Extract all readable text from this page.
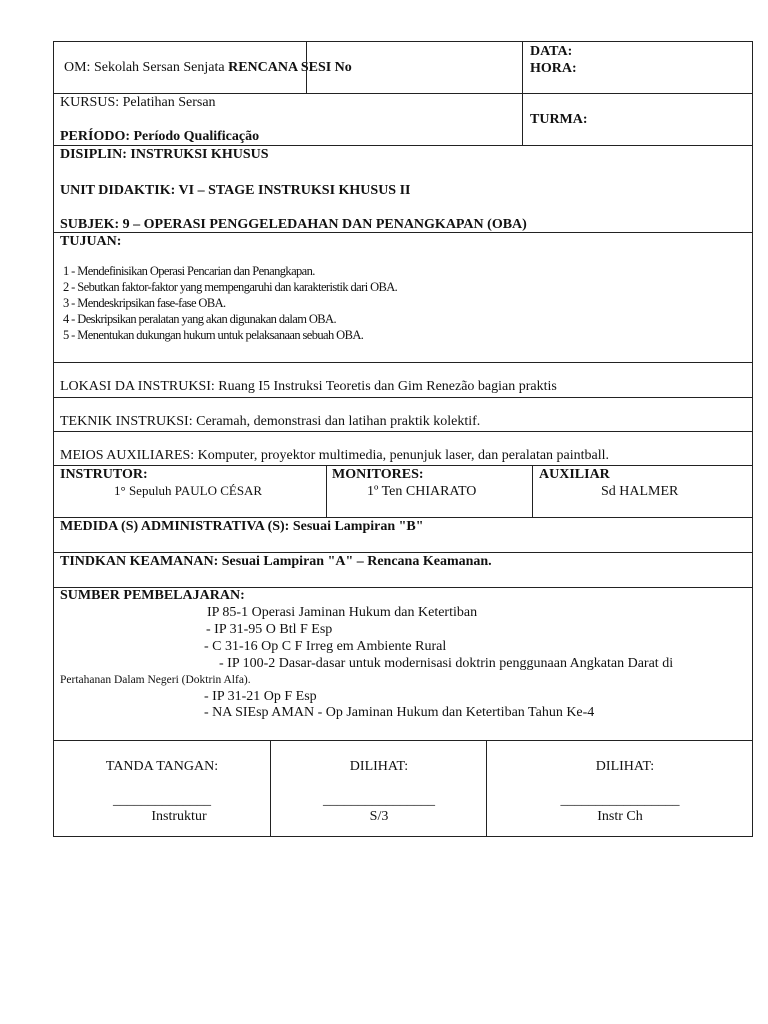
OM: Sekolah Sersan Senjata RENCANA SESI No
DATA:
HORA:
KURSUS: Pelatihan Sersan
PERÍODO: Período Qualificação
TURMA:
DISIPLIN: INSTRUKSI KHUSUS
UNIT DIDAKTIK: VI – STAGE INSTRUKSI KHUSUS II
SUBJEK: 9 – OPERASI PENGGELEDAHAN DAN PENANGKAPAN (OBA)
TUJUAN:
1 - Mendefinisikan Operasi Pencarian dan Penangkapan.
2 - Sebutkan faktor-faktor yang mempengaruhi dan karakteristik dari OBA.
3 - Mendeskripsikan fase-fase OBA.
4 - Deskripsikan peralatan yang akan digunakan dalam OBA.
5 - Menentukan dukungan hukum untuk pelaksanaan sebuah OBA.
LOKASI DA INSTRUKSI: Ruang I5 Instruksi Teoretis dan Gim Renezão bagian praktis
TEKNIK INSTRUKSI: Ceramah, demonstrasi dan latihan praktik kolektif.
MEIOS AUXILIARES: Komputer, proyektor multimedia, penunjuk laser, dan peralatan paintball.
INSTRUTOR:
1° Sepuluh PAULO CÉSAR
MONITORES:
1º Ten CHIARATO
AUXILIAR
Sd HALMER
MEDIDA (S) ADMINISTRATIVA (S): Sesuai Lampiran "B"
TINDKAN KEAMANAN: Sesuai Lampiran "A" – Rencana Keamanan.
SUMBER PEMBELAJARAN:
IP 85-1 Operasi Jaminan Hukum dan Ketertiban
- IP 31-95 O Btl F Esp
- C 31-16 Op C F Irreg em Ambiente Rural
- IP 100-2 Dasar-dasar untuk modernisasi doktrin penggunaan Angkatan Darat di
Pertahanan Dalam Negeri (Doktrin Alfa).
- IP 31-21 Op F Esp
- NA SIEsp AMAN - Op Jaminan Hukum dan Ketertiban Tahun Ke-4
TANDA TANGAN:
______________
Instruktur
DILIHAT:
________________
S/3
DILIHAT:
_________________
Instr Ch
